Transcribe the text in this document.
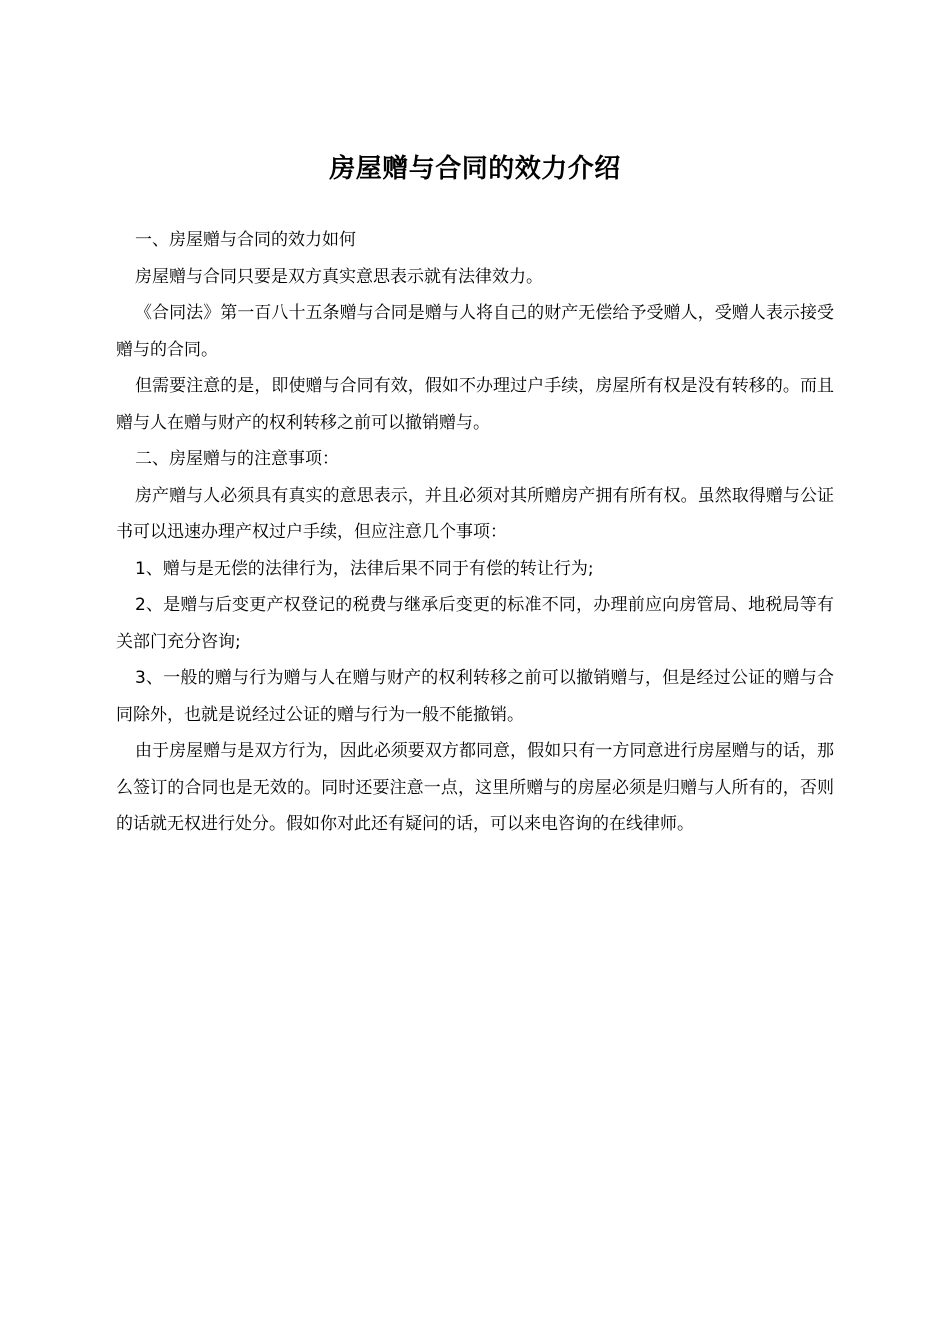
房屋赠与合同的效力介绍

一、房屋赠与合同的效力如何

房屋赠与合同只要是双方真实意思表示就有法律效力。

《合同法》第一百八十五条赠与合同是赠与人将自己的财产无偿给予受赠人，受赠人表示接受赠与的合同。

但需要注意的是，即使赠与合同有效，假如不办理过户手续，房屋所有权是没有转移的。而且赠与人在赠与财产的权利转移之前可以撤销赠与。

二、房屋赠与的注意事项：

房产赠与人必须具有真实的意思表示，并且必须对其所赠房产拥有所有权。虽然取得赠与公证书可以迅速办理产权过户手续，但应注意几个事项：

1、赠与是无偿的法律行为，法律后果不同于有偿的转让行为;

2、是赠与后变更产权登记的税费与继承后变更的标准不同，办理前应向房管局、地税局等有关部门充分咨询;

3、一般的赠与行为赠与人在赠与财产的权利转移之前可以撤销赠与，但是经过公证的赠与合同除外，也就是说经过公证的赠与行为一般不能撤销。

由于房屋赠与是双方行为，因此必须要双方都同意，假如只有一方同意进行房屋赠与的话，那么签订的合同也是无效的。同时还要注意一点，这里所赠与的房屋必须是归赠与人所有的，否则的话就无权进行处分。假如你对此还有疑问的话，可以来电咨询的在线律师。
